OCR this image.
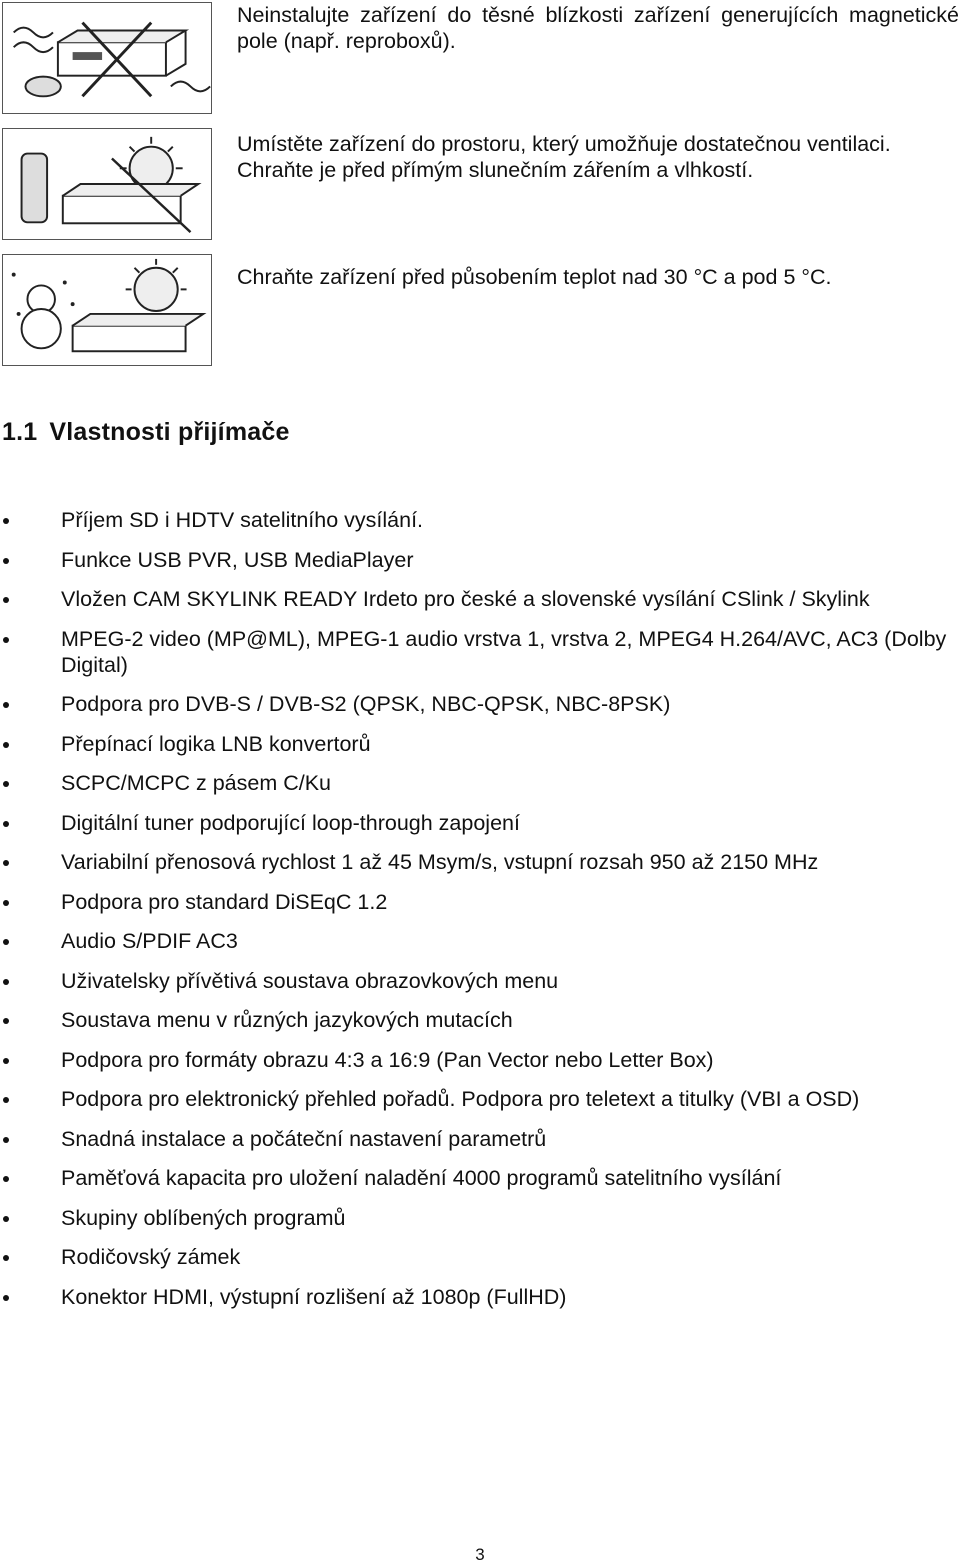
Neinstalujte zařízení do těsné blízkosti zařízení generujících magnetické pole (např. reproboxů).
Umístěte zařízení do prostoru, který umožňuje dostatečnou ventilaci. Chraňte je před přímým slunečním zářením a vlhkostí.
Chraňte zařízení před působením teplot nad 30 °C a pod 5 °C.
1.1 Vlastnosti přijímače
Příjem SD i HDTV satelitního vysílání.
Funkce USB PVR, USB MediaPlayer
Vložen CAM SKYLINK READY Irdeto pro české a slovenské vysílání CSlink / Skylink
MPEG-2 video (MP@ML), MPEG-1 audio vrstva 1, vrstva 2, MPEG4 H.264/AVC, AC3 (Dolby Digital)
Podpora pro DVB-S / DVB-S2 (QPSK, NBC-QPSK, NBC-8PSK)
Přepínací logika LNB konvertorů
SCPC/MCPC z pásem C/Ku
Digitální tuner podporující loop-through zapojení
Variabilní přenosová rychlost 1 až 45 Msym/s, vstupní rozsah 950 až 2150 MHz
Podpora pro standard DiSEqC 1.2
Audio S/PDIF AC3
Uživatelsky přívětivá soustava obrazovkových menu
Soustava menu v různých jazykových mutacích
Podpora pro formáty obrazu 4:3 a 16:9 (Pan Vector nebo Letter Box)
Podpora pro elektronický přehled pořadů. Podpora pro teletext a titulky (VBI a OSD)
Snadná instalace a počáteční nastavení parametrů
Paměťová kapacita pro uložení naladění 4000 programů satelitního vysílání
Skupiny oblíbených programů
Rodičovský zámek
Konektor HDMI, výstupní rozlišení až 1080p (FullHD)
3
